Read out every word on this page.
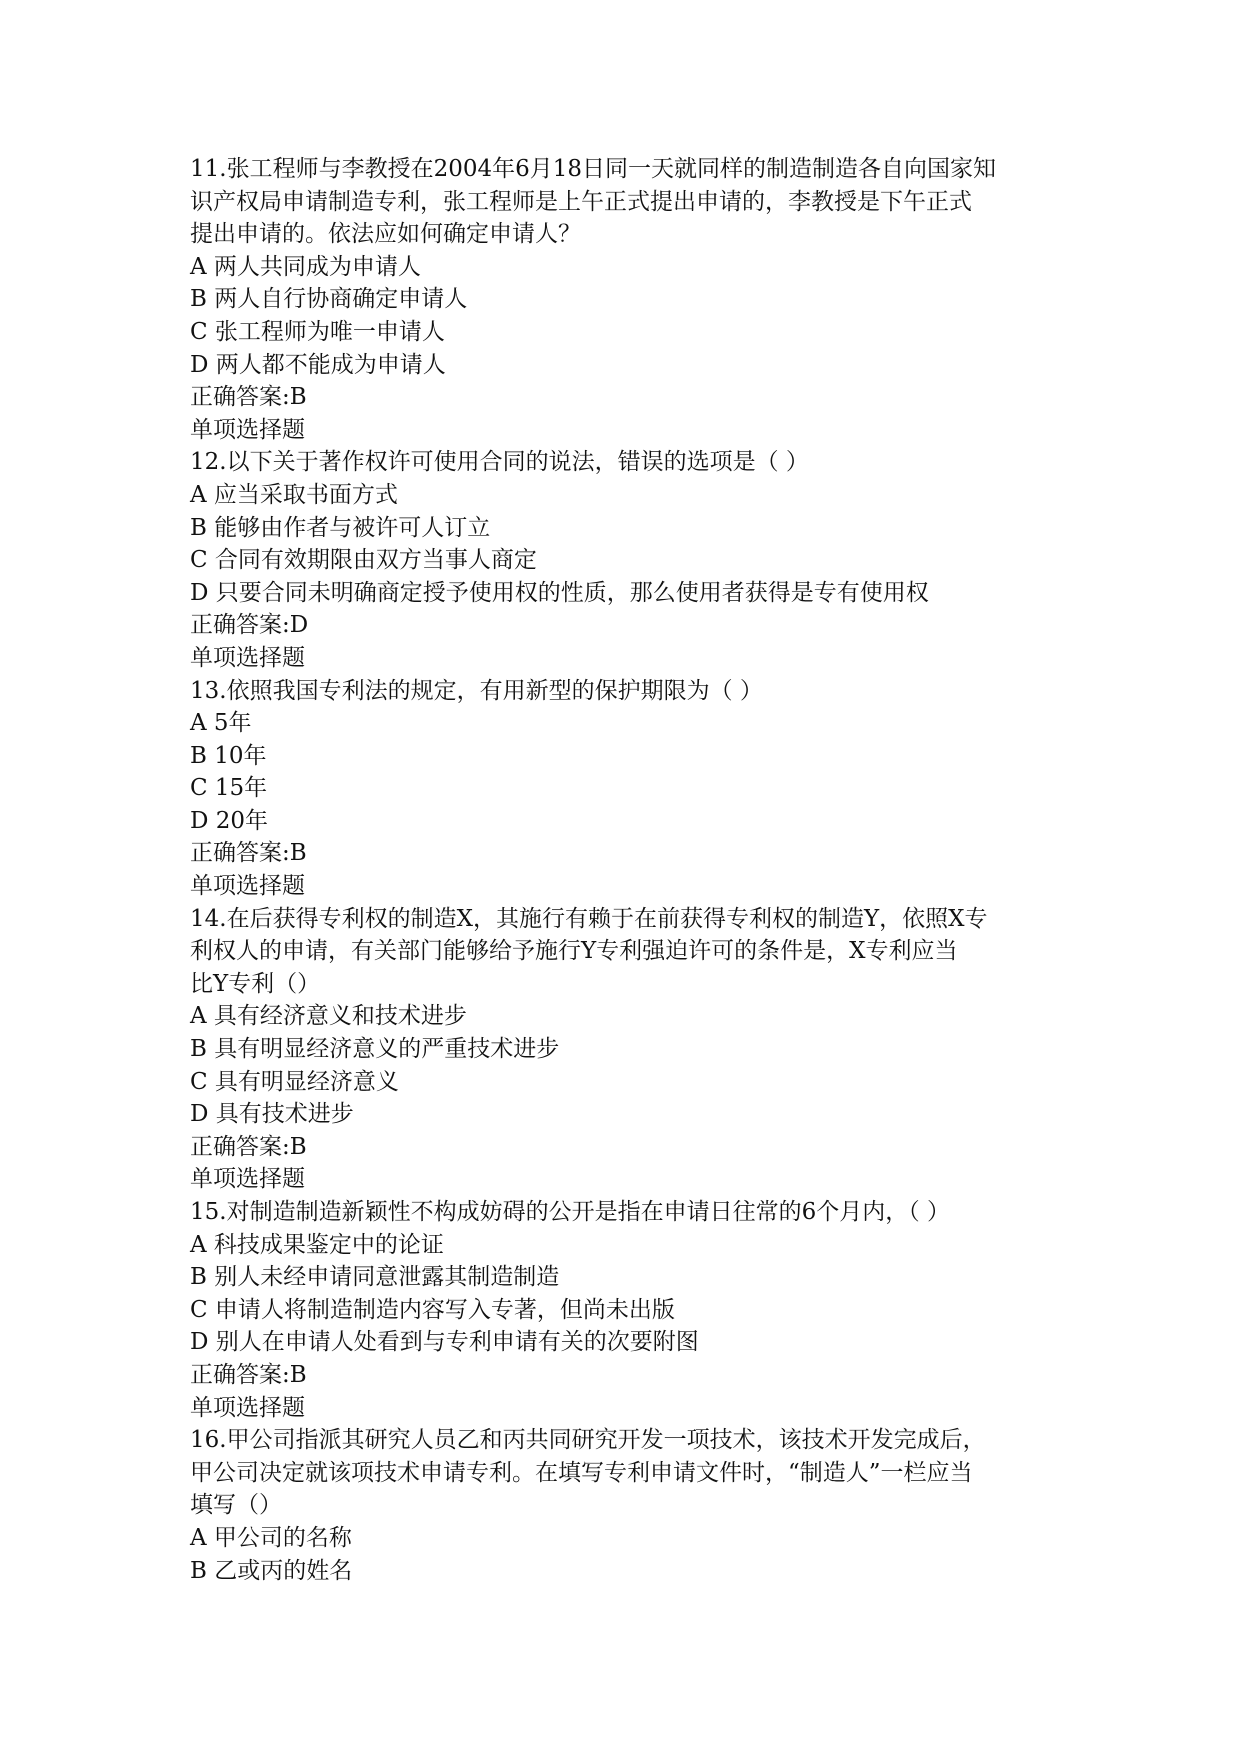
11.张工程师与李教授在2004年6月18日同一天就同样的制造制造各自向国家知
识产权局申请制造专利，张工程师是上午正式提出申请的，李教授是下午正式
提出申请的。依法应如何确定申请人？
A 两人共同成为申请人
B 两人自行协商确定申请人
C 张工程师为唯一申请人
D 两人都不能成为申请人
正确答案:B
单项选择题
12.以下关于著作权许可使用合同的说法，错误的选项是（ ）
A 应当采取书面方式
B 能够由作者与被许可人订立
C 合同有效期限由双方当事人商定
D 只要合同未明确商定授予使用权的性质，那么使用者获得是专有使用权
正确答案:D
单项选择题
13.依照我国专利法的规定，有用新型的保护期限为（ ）
A 5年
B 10年
C 15年
D 20年
正确答案:B
单项选择题
14.在后获得专利权的制造X，其施行有赖于在前获得专利权的制造Y，依照X专
利权人的申请，有关部门能够给予施行Y专利强迫许可的条件是，X专利应当
比Y专利（）
A 具有经济意义和技术进步
B 具有明显经济意义的严重技术进步
C 具有明显经济意义
D 具有技术进步
正确答案:B
单项选择题
15.对制造制造新颖性不构成妨碍的公开是指在申请日往常的6个月内，（ ）
A 科技成果鉴定中的论证
B 别人未经申请同意泄露其制造制造
C 申请人将制造制造内容写入专著，但尚未出版
D 别人在申请人处看到与专利申请有关的次要附图
正确答案:B
单项选择题
16.甲公司指派其研究人员乙和丙共同研究开发一项技术，该技术开发完成后，
甲公司决定就该项技术申请专利。在填写专利申请文件时，“制造人”一栏应当
填写（）
A 甲公司的名称
B 乙或丙的姓名
